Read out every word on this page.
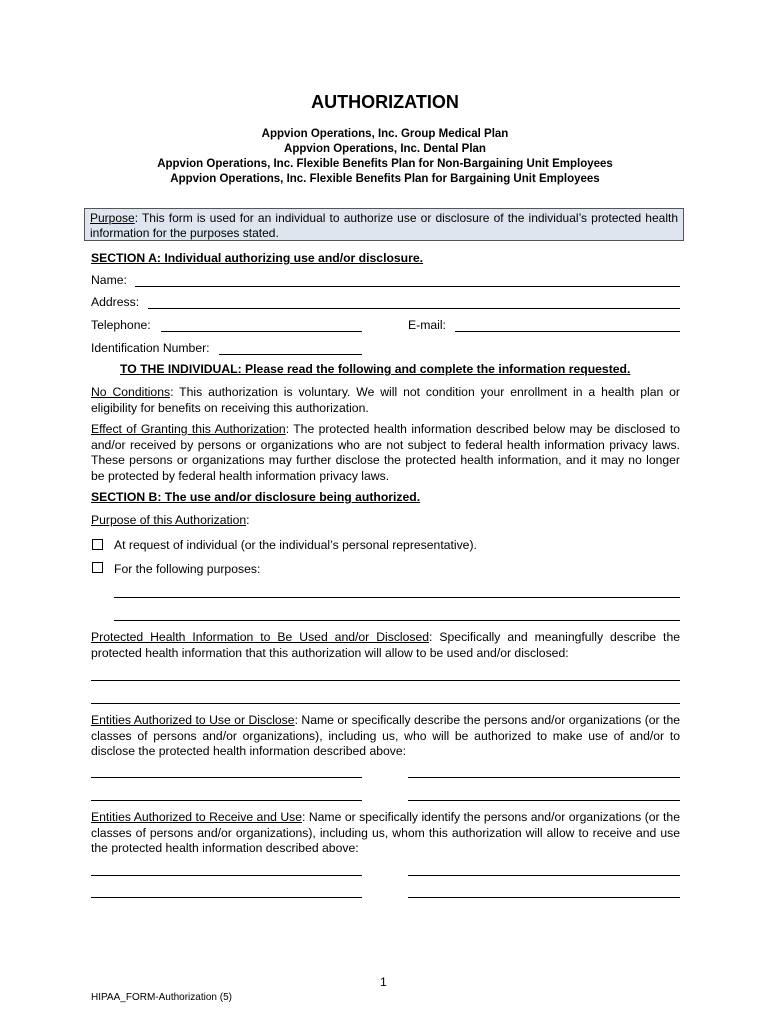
AUTHORIZATION
Appvion Operations, Inc. Group Medical Plan
Appvion Operations, Inc. Dental Plan
Appvion Operations, Inc. Flexible Benefits Plan for Non-Bargaining Unit Employees
Appvion Operations, Inc. Flexible Benefits Plan for Bargaining Unit Employees
Purpose: This form is used for an individual to authorize use or disclosure of the individual’s protected health information for the purposes stated.
SECTION A: Individual authorizing use and/or disclosure.
Name:
Address:
Telephone:	E-mail:
Identification Number:
TO THE INDIVIDUAL: Please read the following and complete the information requested.
No Conditions: This authorization is voluntary. We will not condition your enrollment in a health plan or eligibility for benefits on receiving this authorization.
Effect of Granting this Authorization: The protected health information described below may be disclosed to and/or received by persons or organizations who are not subject to federal health information privacy laws. These persons or organizations may further disclose the protected health information, and it may no longer be protected by federal health information privacy laws.
SECTION B: The use and/or disclosure being authorized.
Purpose of this Authorization:
At request of individual (or the individual’s personal representative).
For the following purposes:
Protected Health Information to Be Used and/or Disclosed: Specifically and meaningfully describe the protected health information that this authorization will allow to be used and/or disclosed:
Entities Authorized to Use or Disclose: Name or specifically describe the persons and/or organizations (or the classes of persons and/or organizations), including us, who will be authorized to make use of and/or to disclose the protected health information described above:
Entities Authorized to Receive and Use: Name or specifically identify the persons and/or organizations (or the classes of persons and/or organizations), including us, whom this authorization will allow to receive and use the protected health information described above:
1
HIPAA_FORM-Authorization (5)
